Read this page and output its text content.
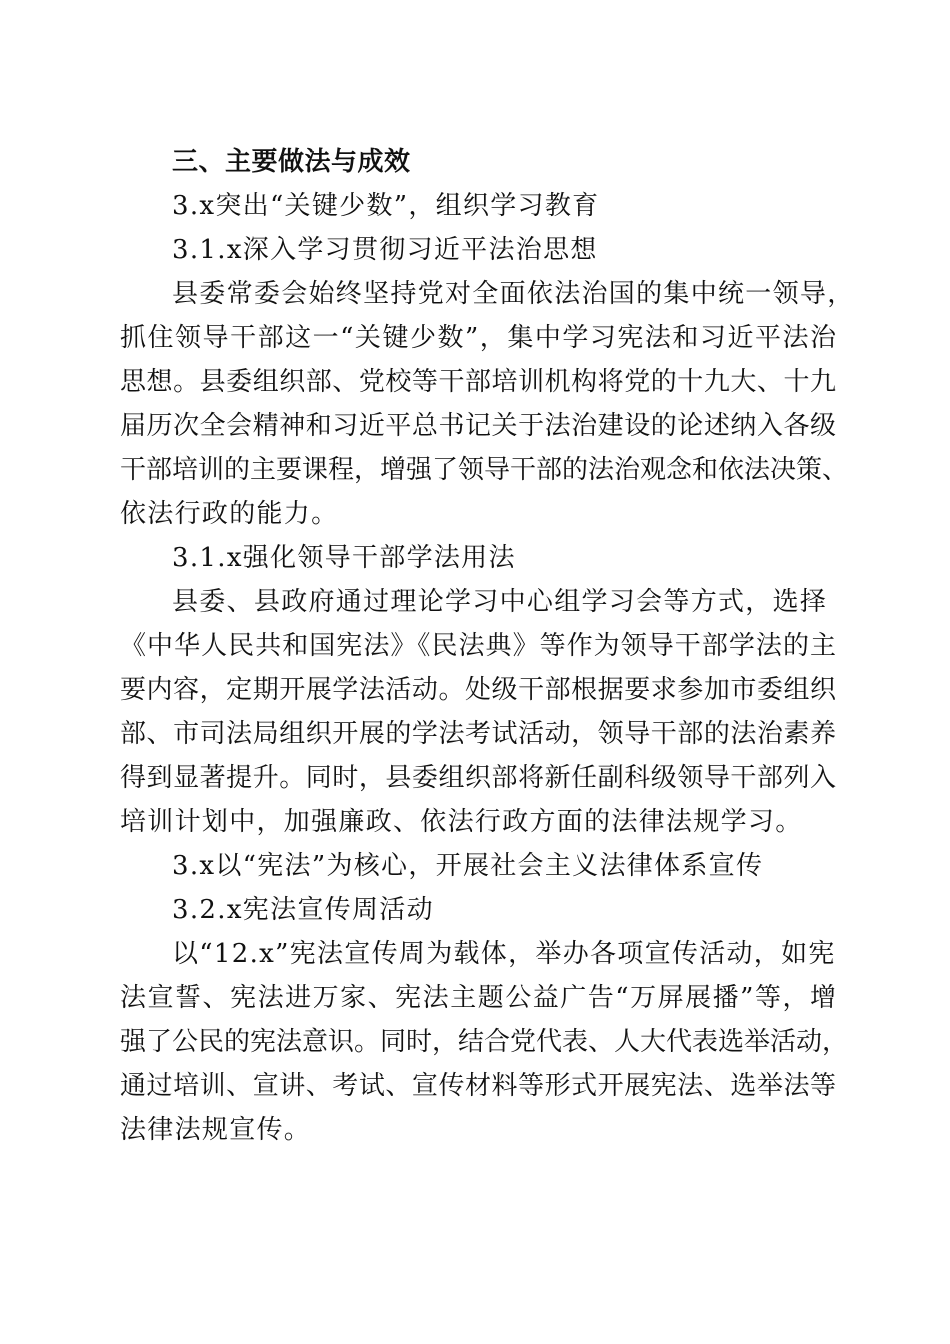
三、主要做法与成效
3.x突出“关键少数”，组织学习教育
3.1.x深入学习贯彻习近平法治思想
县委常委会始终坚持党对全面依法治国的集中统一领导，
抓住领导干部这一“关键少数”，集中学习宪法和习近平法治
思想。县委组织部、党校等干部培训机构将党的十九大、十九
届历次全会精神和习近平总书记关于法治建设的论述纳入各级
干部培训的主要课程，增强了领导干部的法治观念和依法决策、
依法行政的能力。
3.1.x强化领导干部学法用法
县委、县政府通过理论学习中心组学习会等方式，选择
《中华人民共和国宪法》《民法典》等作为领导干部学法的主
要内容，定期开展学法活动。处级干部根据要求参加市委组织
部、市司法局组织开展的学法考试活动，领导干部的法治素养
得到显著提升。同时，县委组织部将新任副科级领导干部列入
培训计划中，加强廉政、依法行政方面的法律法规学习。
3.x以“宪法”为核心，开展社会主义法律体系宣传
3.2.x宪法宣传周活动
以“12.x”宪法宣传周为载体，举办各项宣传活动，如宪
法宣誓、宪法进万家、宪法主题公益广告“万屏展播”等，增
强了公民的宪法意识。同时，结合党代表、人大代表选举活动，
通过培训、宣讲、考试、宣传材料等形式开展宪法、选举法等
法律法规宣传。
